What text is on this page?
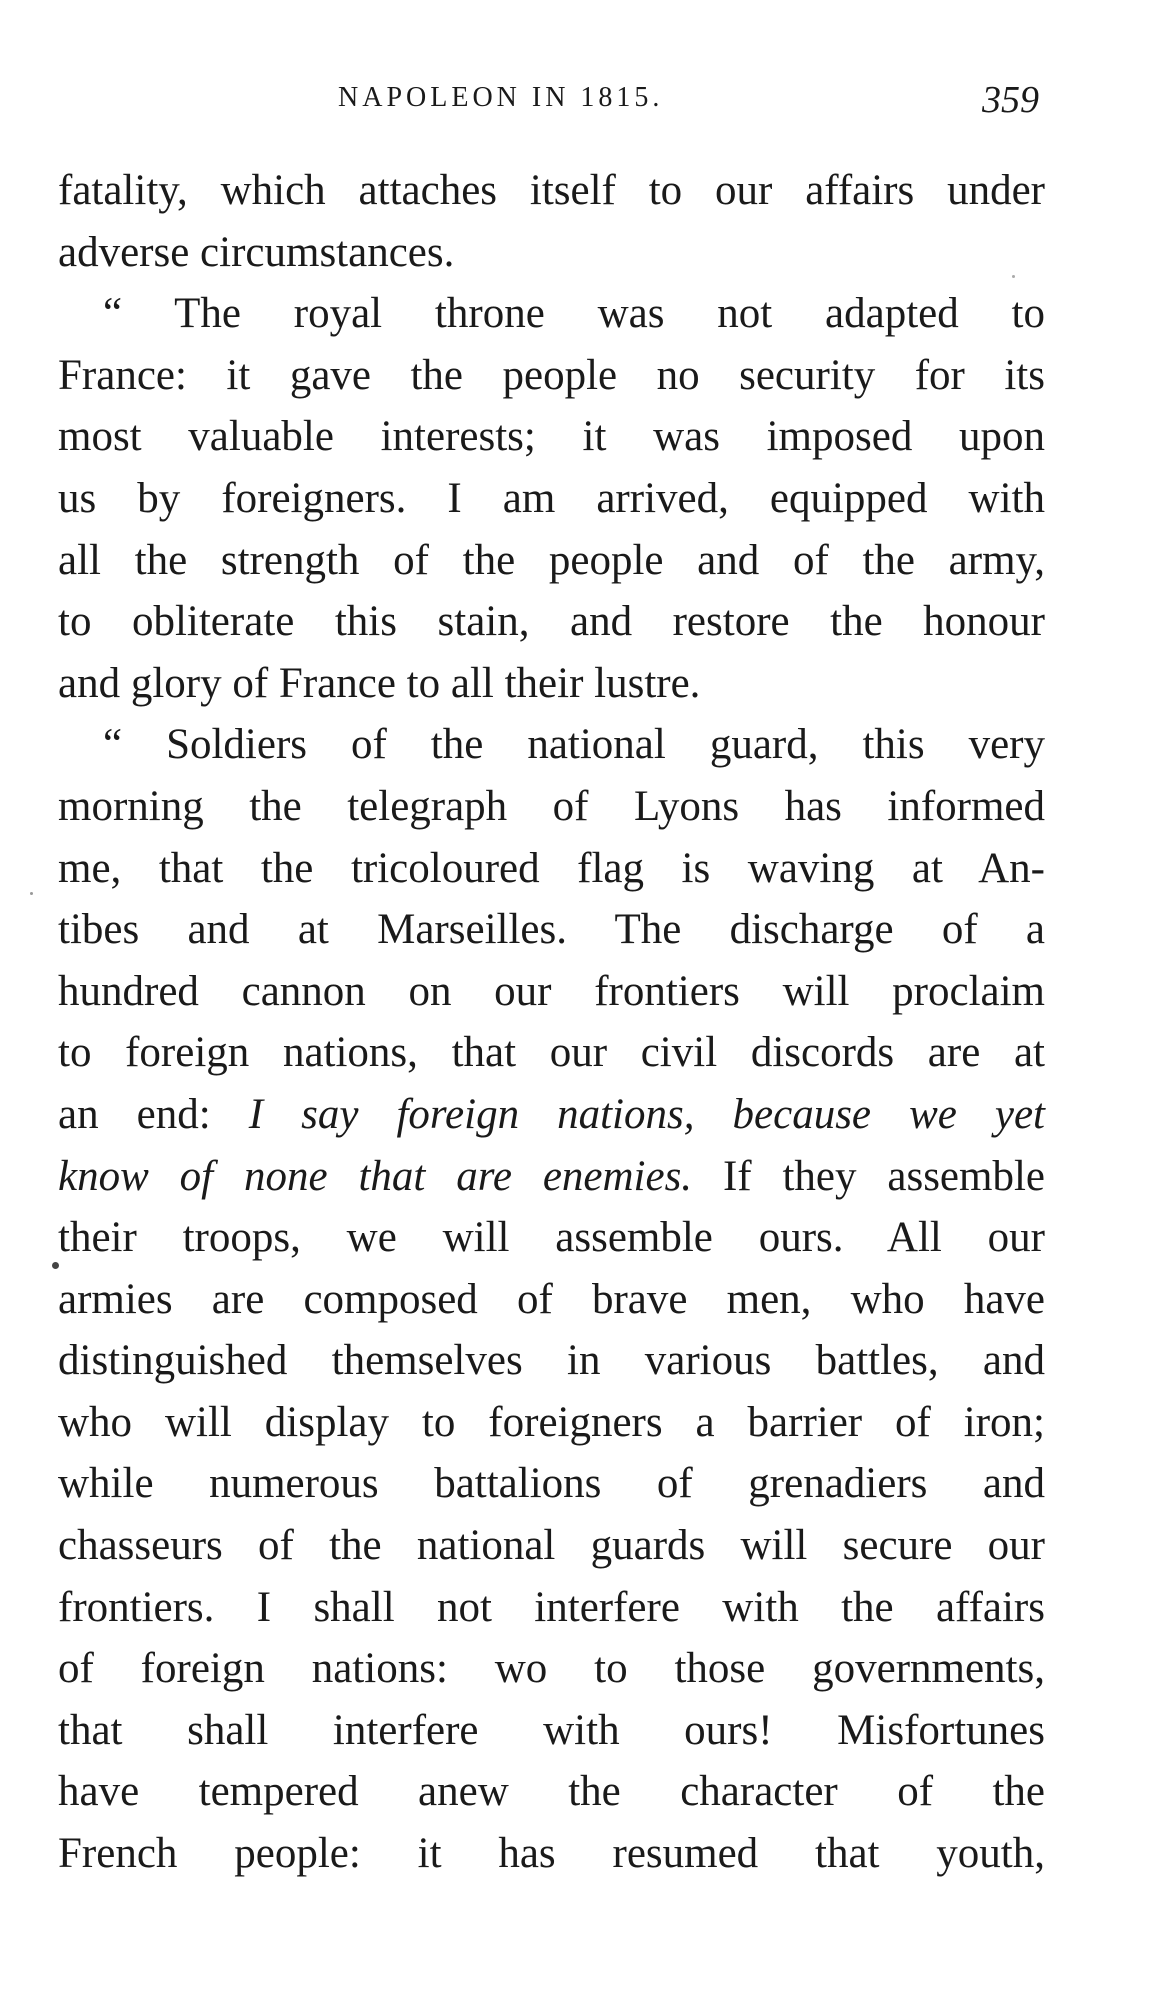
NAPOLEON IN 1815.	359
fatality, which attaches itself to our affairs under
adverse circumstances.
“ The royal throne was not adapted to
France: it gave the people no security for its
most valuable interests; it was imposed upon
us by foreigners. I am arrived, equipped with
all the strength of the people and of the army,
to obliterate this stain, and restore the honour
and glory of France to all their lustre.
“ Soldiers of the national guard, this very
morning the telegraph of Lyons has informed
me, that the tricoloured flag is waving at An-
tibes and at Marseilles. The discharge of a
hundred cannon on our frontiers will proclaim
to foreign nations, that our civil discords are at
an end: I say foreign nations, because we yet
know of none that are enemies. If they assemble
their troops, we will assemble ours. All our
armies are composed of brave men, who have
distinguished themselves in various battles, and
who will display to foreigners a barrier of iron;
while numerous battalions of grenadiers and
chasseurs of the national guards will secure our
frontiers. I shall not interfere with the affairs
of foreign nations: wo to those governments,
that shall interfere with ours! Misfortunes
have tempered anew the character of the
French people: it has resumed that youth,
